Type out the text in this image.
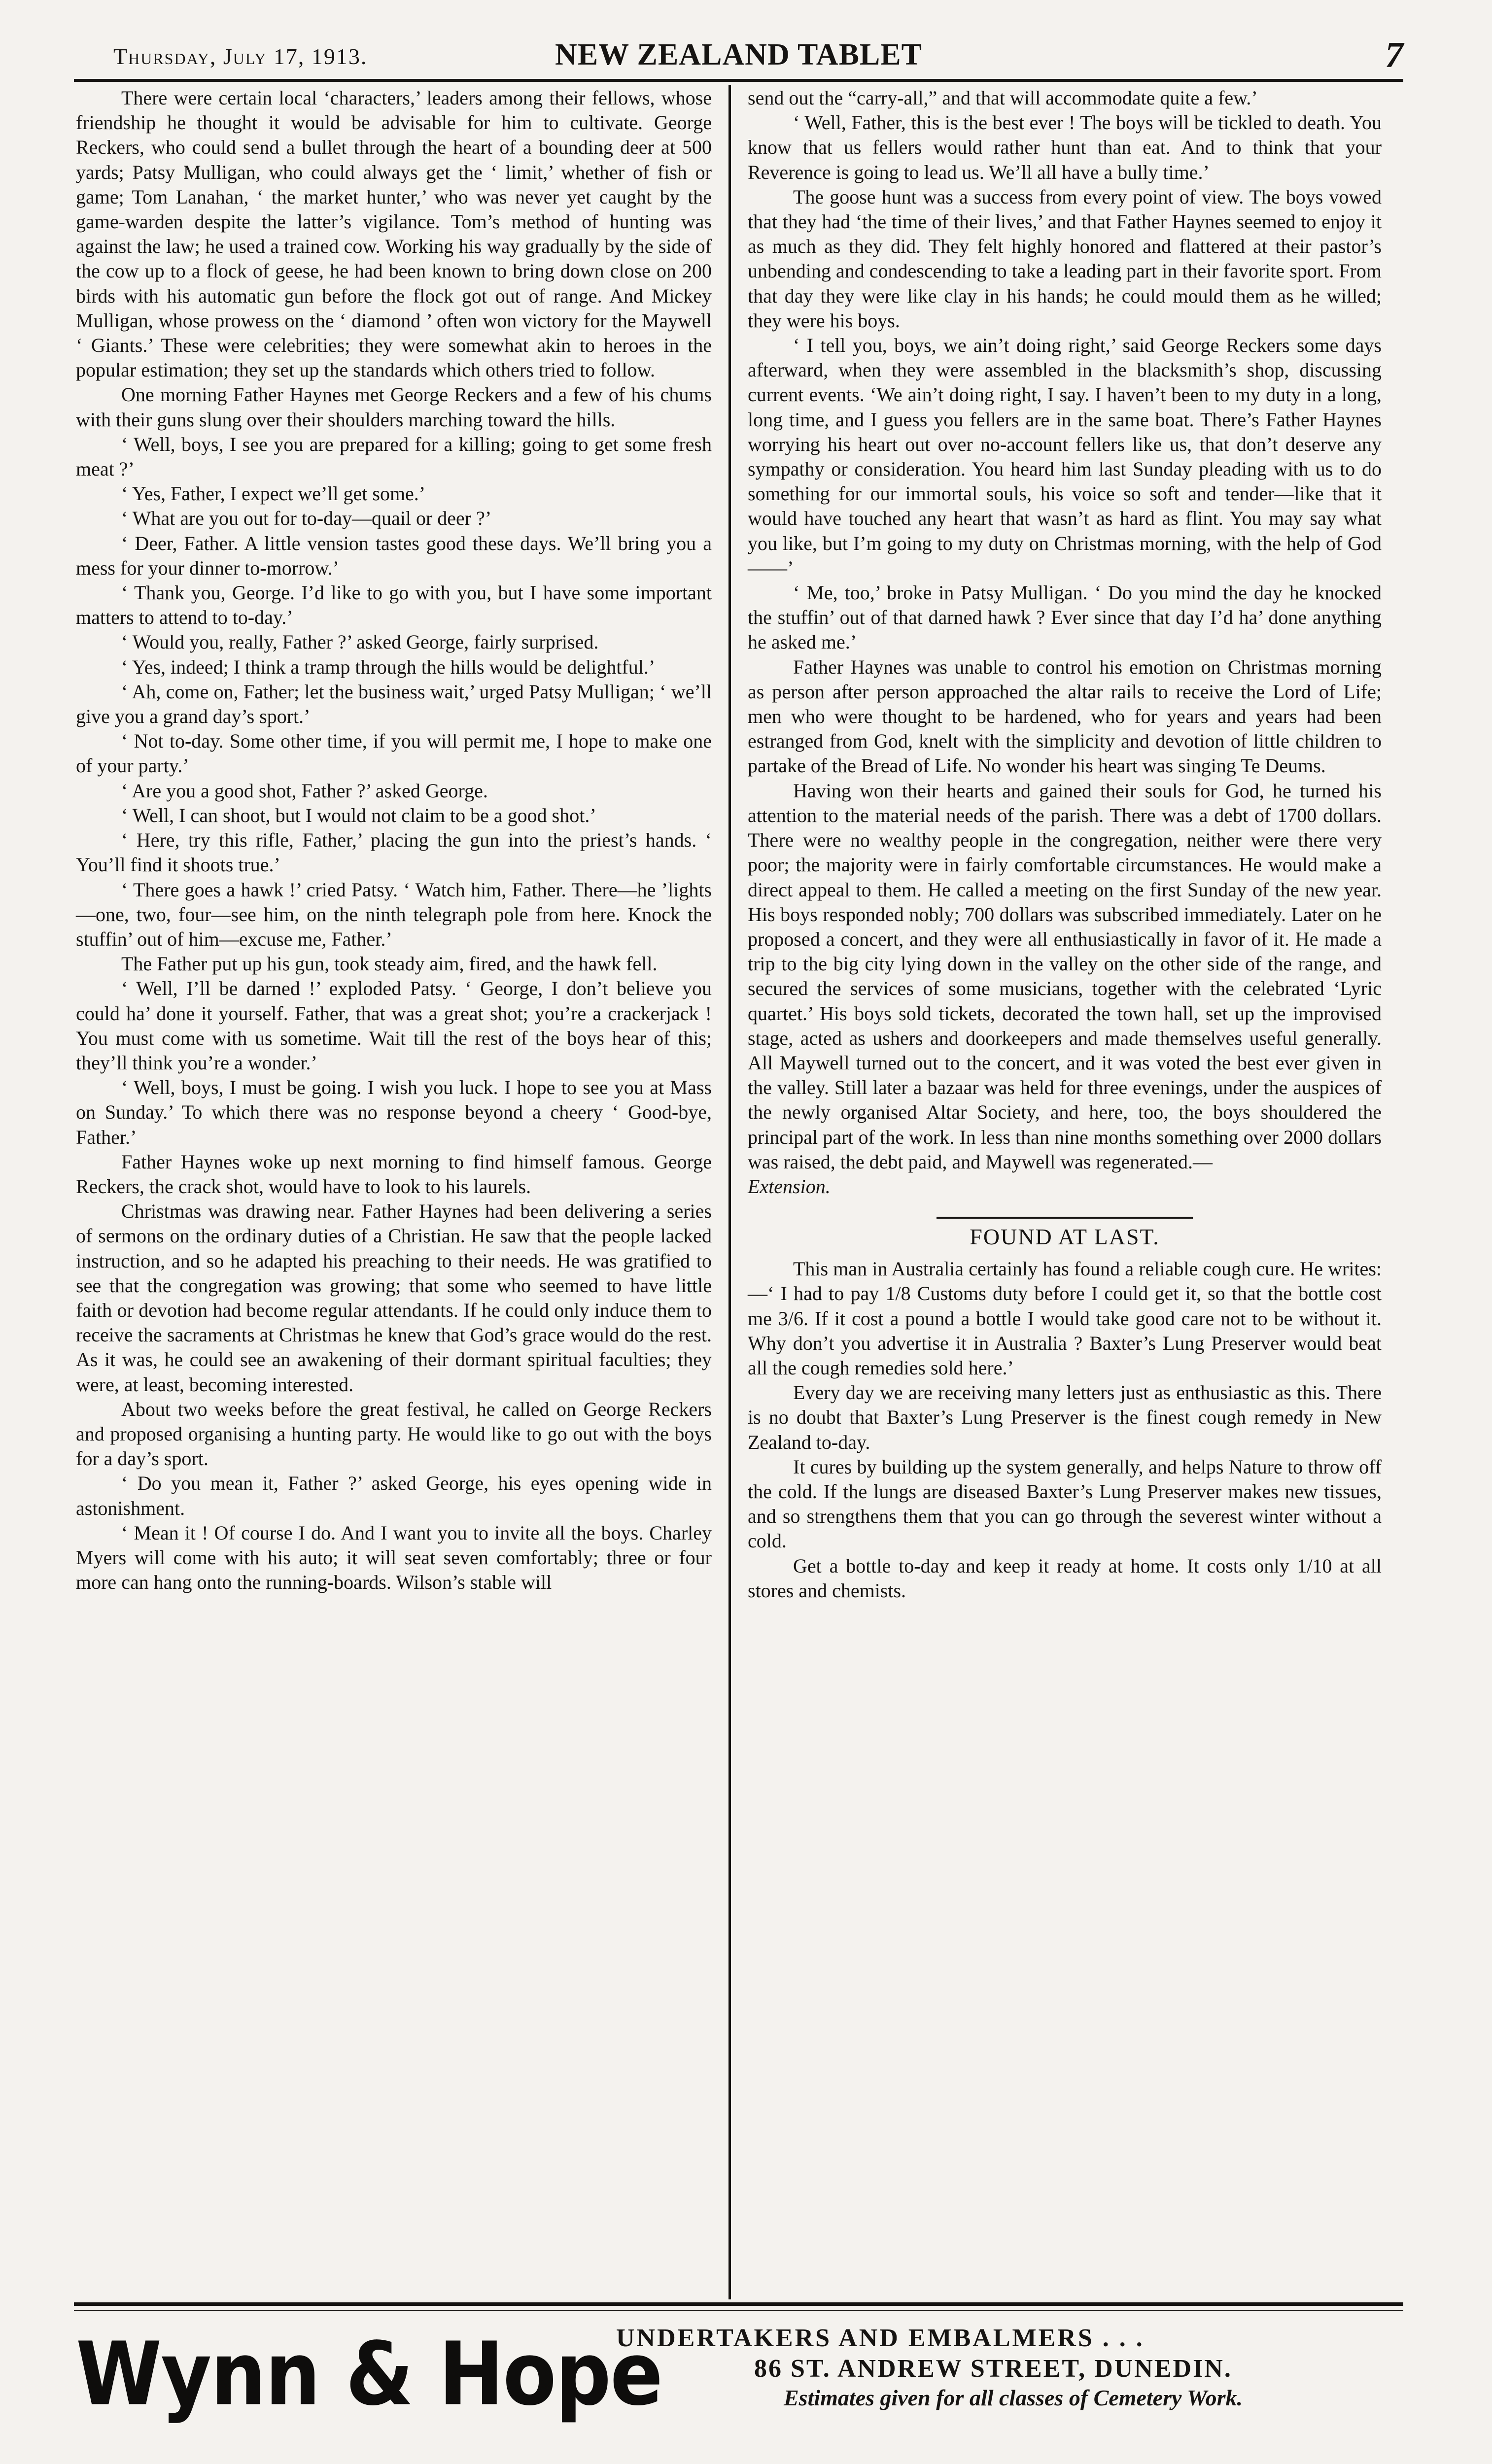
Thursday, July 17, 1913.	NEW ZEALAND TABLET	7

There were certain local ‘characters,’ leaders among their fellows, whose friendship he thought it would be advisable for him to cultivate. George Reckers, who could send a bullet through the heart of a bounding deer at 500 yards; Patsy Mulligan, who could always get the ‘ limit,’ whether of fish or game; Tom Lanahan, ‘ the market hunter,’ who was never yet caught by the game-warden despite the latter’s vigilance. Tom’s method of hunting was against the law; he used a trained cow. Working his way gradually by the side of the cow up to a flock of geese, he had been known to bring down close on 200 birds with his automatic gun before the flock got out of range. And Mickey Mulligan, whose prowess on the ‘ diamond ’ often won victory for the Maywell ‘ Giants.’ These were celebrities; they were somewhat akin to heroes in the popular estimation; they set up the standards which others tried to follow.

One morning Father Haynes met George Reckers and a few of his chums with their guns slung over their shoulders marching toward the hills.

‘ Well, boys, I see you are prepared for a killing; going to get some fresh meat ?’

‘ Yes, Father, I expect we’ll get some.’

‘ What are you out for to-day—quail or deer ?’

‘ Deer, Father. A little vension tastes good these days. We’ll bring you a mess for your dinner to-morrow.’

‘ Thank you, George. I’d like to go with you, but I have some important matters to attend to to-day.’

‘ Would you, really, Father ?’ asked George, fairly surprised.

‘ Yes, indeed; I think a tramp through the hills would be delightful.’

‘ Ah, come on, Father; let the business wait,’ urged Patsy Mulligan; ‘ we’ll give you a grand day’s sport.’

‘ Not to-day. Some other time, if you will permit me, I hope to make one of your party.’

‘ Are you a good shot, Father ?’ asked George.

‘ Well, I can shoot, but I would not claim to be a good shot.’

‘ Here, try this rifle, Father,’ placing the gun into the priest’s hands. ‘ You’ll find it shoots true.’

‘ There goes a hawk !’ cried Patsy. ‘ Watch him, Father. There—he ’lights—one, two, four—see him, on the ninth telegraph pole from here. Knock the stuffin’ out of him—excuse me, Father.’

The Father put up his gun, took steady aim, fired, and the hawk fell.

‘ Well, I’ll be darned !’ exploded Patsy. ‘ George, I don’t believe you could ha’ done it yourself. Father, that was a great shot; you’re a crackerjack ! You must come with us sometime. Wait till the rest of the boys hear of this; they’ll think you’re a wonder.’

‘ Well, boys, I must be going. I wish you luck. I hope to see you at Mass on Sunday.’ To which there was no response beyond a cheery ‘ Good-bye, Father.’

Father Haynes woke up next morning to find himself famous. George Reckers, the crack shot, would have to look to his laurels.

Christmas was drawing near. Father Haynes had been delivering a series of sermons on the ordinary duties of a Christian. He saw that the people lacked instruction, and so he adapted his preaching to their needs. He was gratified to see that the congregation was growing; that some who seemed to have little faith or devotion had become regular attendants. If he could only induce them to receive the sacraments at Christmas he knew that God’s grace would do the rest. As it was, he could see an awakening of their dormant spiritual faculties; they were, at least, becoming interested.

About two weeks before the great festival, he called on George Reckers and proposed organising a hunting party. He would like to go out with the boys for a day’s sport.

‘ Do you mean it, Father ?’ asked George, his eyes opening wide in astonishment.

‘ Mean it ! Of course I do. And I want you to invite all the boys. Charley Myers will come with his auto; it will seat seven comfortably; three or four more can hang onto the running-boards. Wilson’s stable will

send out the “carry-all,” and that will accommodate quite a few.’

‘ Well, Father, this is the best ever ! The boys will be tickled to death. You know that us fellers would rather hunt than eat. And to think that your Reverence is going to lead us. We’ll all have a bully time.’

The goose hunt was a success from every point of view. The boys vowed that they had ‘the time of their lives,’ and that Father Haynes seemed to enjoy it as much as they did. They felt highly honored and flattered at their pastor’s unbending and condescending to take a leading part in their favorite sport. From that day they were like clay in his hands; he could mould them as he willed; they were his boys.

‘ I tell you, boys, we ain’t doing right,’ said George Reckers some days afterward, when they were assembled in the blacksmith’s shop, discussing current events. ‘We ain’t doing right, I say. I haven’t been to my duty in a long, long time, and I guess you fellers are in the same boat. There’s Father Haynes worrying his heart out over no-account fellers like us, that don’t deserve any sympathy or consideration. You heard him last Sunday pleading with us to do something for our immortal souls, his voice so soft and tender—like that it would have touched any heart that wasn’t as hard as flint. You may say what you like, but I’m going to my duty on Christmas morning, with the help of God——’

‘ Me, too,’ broke in Patsy Mulligan. ‘ Do you mind the day he knocked the stuffin’ out of that darned hawk ? Ever since that day I’d ha’ done anything he asked me.’

Father Haynes was unable to control his emotion on Christmas morning as person after person approached the altar rails to receive the Lord of Life; men who were thought to be hardened, who for years and years had been estranged from God, knelt with the simplicity and devotion of little children to partake of the Bread of Life. No wonder his heart was singing Te Deums.

Having won their hearts and gained their souls for God, he turned his attention to the material needs of the parish. There was a debt of 1700 dollars. There were no wealthy people in the congregation, neither were there very poor; the majority were in fairly comfortable circumstances. He would make a direct appeal to them. He called a meeting on the first Sunday of the new year. His boys responded nobly; 700 dollars was subscribed immediately. Later on he proposed a concert, and they were all enthusiastically in favor of it. He made a trip to the big city lying down in the valley on the other side of the range, and secured the services of some musicians, together with the celebrated ‘Lyric quartet.’ His boys sold tickets, decorated the town hall, set up the improvised stage, acted as ushers and doorkeepers and made themselves useful generally. All Maywell turned out to the concert, and it was voted the best ever given in the valley. Still later a bazaar was held for three evenings, under the auspices of the newly organised Altar Society, and here, too, the boys shouldered the principal part of the work. In less than nine months something over 2000 dollars was raised, the debt paid, and Maywell was regenerated.—

Extension.

FOUND AT LAST.

This man in Australia certainly has found a reliable cough cure. He writes:—‘ I had to pay 1/8 Customs duty before I could get it, so that the bottle cost me 3/6. If it cost a pound a bottle I would take good care not to be without it. Why don’t you advertise it in Australia ? Baxter’s Lung Preserver would beat all the cough remedies sold here.’

Every day we are receiving many letters just as enthusiastic as this. There is no doubt that Baxter’s Lung Preserver is the finest cough remedy in New Zealand to-day.

It cures by building up the system generally, and helps Nature to throw off the cold. If the lungs are diseased Baxter’s Lung Preserver makes new tissues, and so strengthens them that you can go through the severest winter without a cold.

Get a bottle to-day and keep it ready at home. It costs only 1/10 at all stores and chemists.

Wynn & Hope
UNDERTAKERS AND EMBALMERS . . .
86 ST. ANDREW STREET, DUNEDIN.
Estimates given for all classes of Cemetery Work.
